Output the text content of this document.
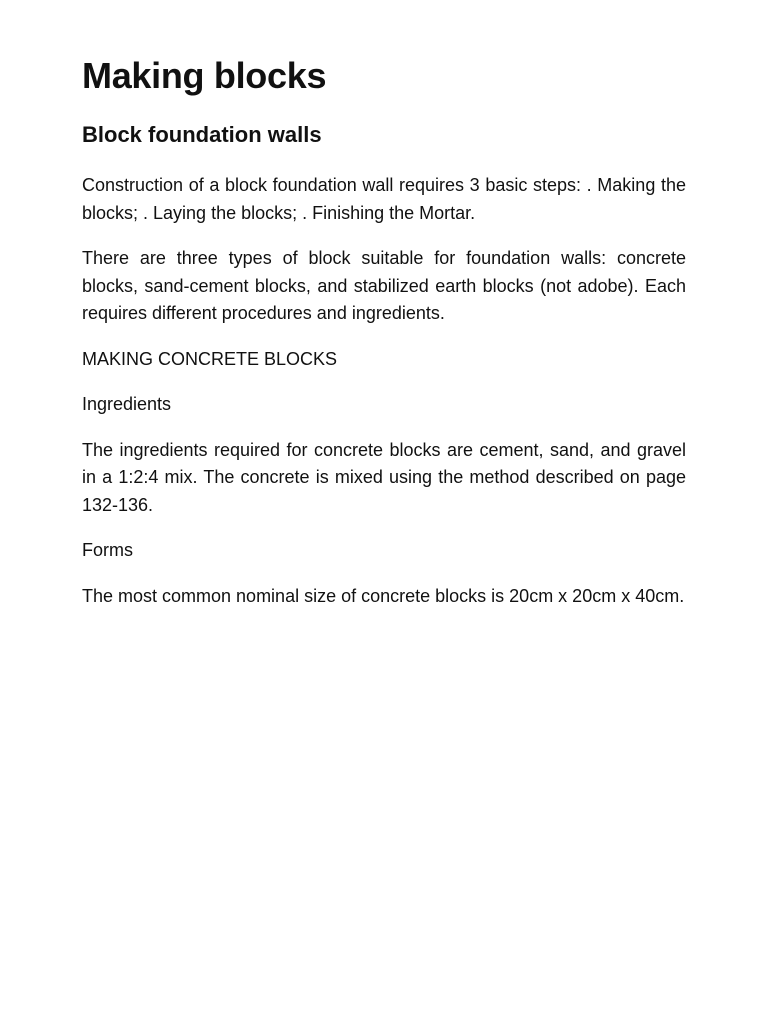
Making blocks
Block foundation walls

Construction of a block foundation wall requires 3 basic steps: . Making the blocks; . Laying the blocks; . Finishing the Mortar.

There are three types of block suitable for foundation walls: concrete blocks, sand-cement blocks, and stabilized earth blocks (not adobe). Each requires different procedures and ingredients.

MAKING CONCRETE BLOCKS

Ingredients

The ingredients required for concrete blocks are cement, sand, and gravel in a 1:2:4 mix. The concrete is mixed using the method described on page 132-136.

Forms

The most common nominal size of concrete blocks is 20cm x 20cm x 40cm.
